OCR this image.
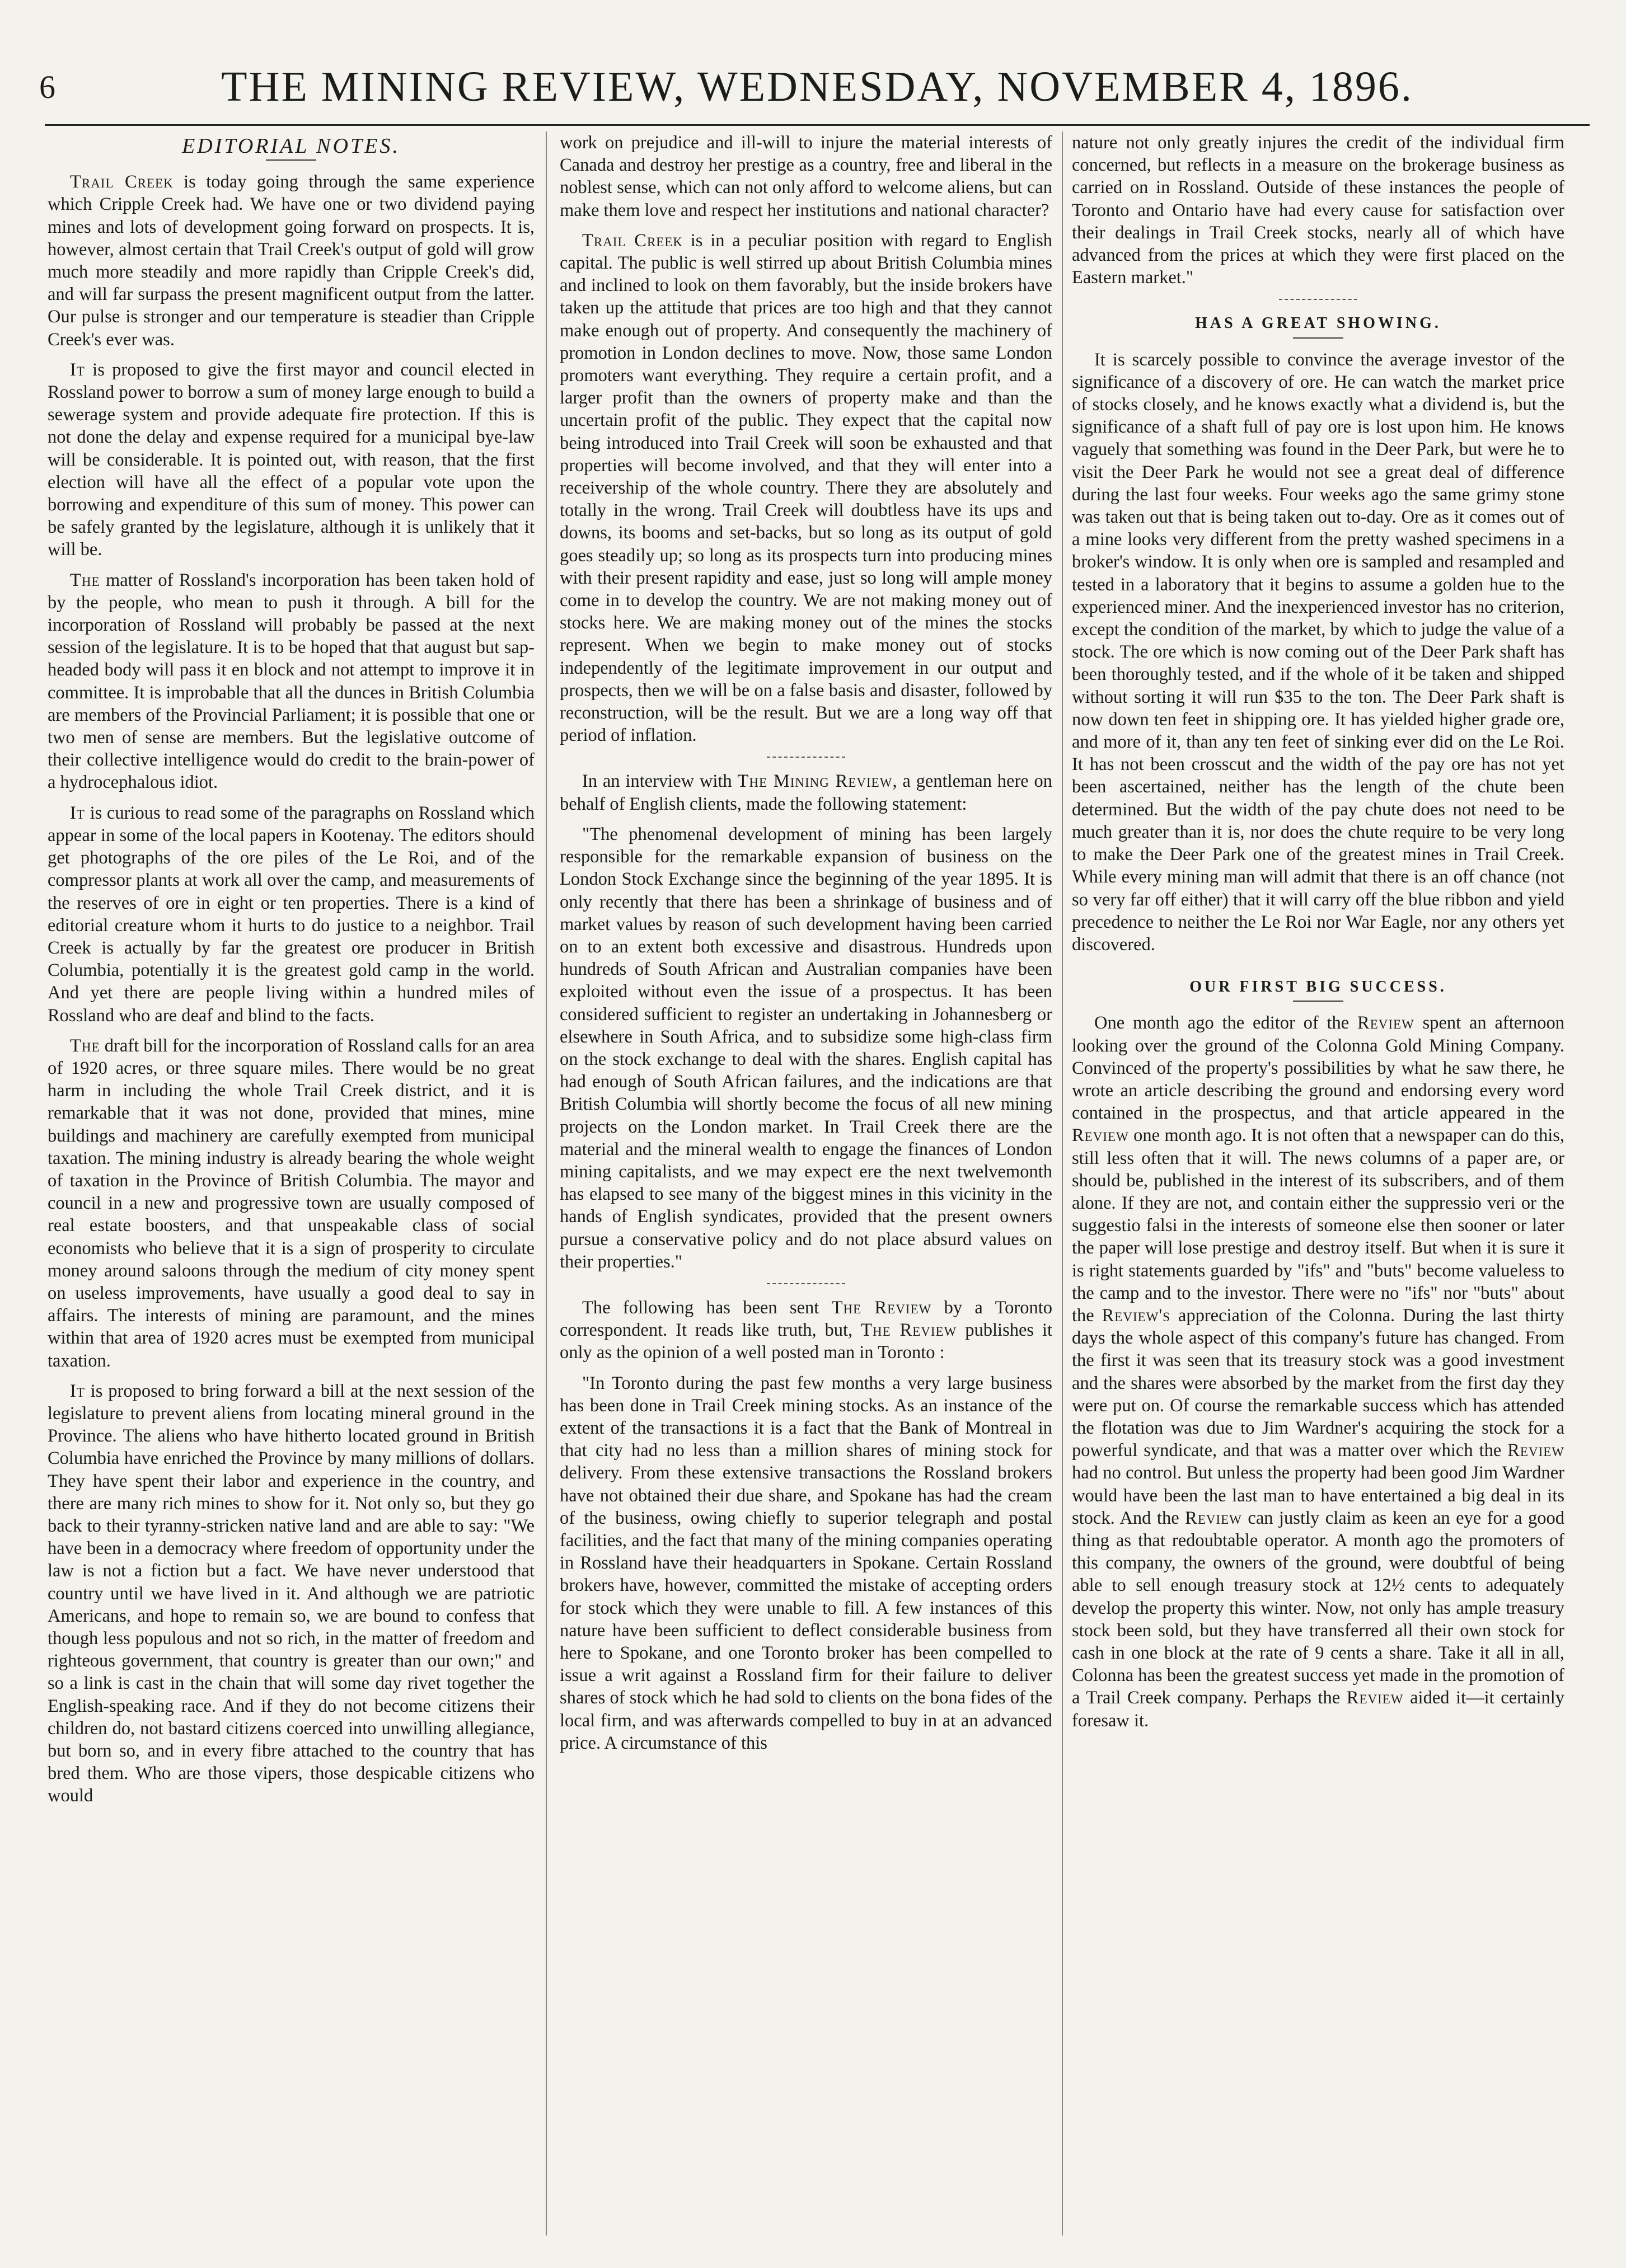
6	THE MINING REVIEW, WEDNESDAY, NOVEMBER 4, 1896.
EDITORIAL NOTES.

Trail Creek is today going through the same experience which Cripple Creek had. We have one or two dividend paying mines and lots of development going forward on prospects. It is, however, almost certain that Trail Creek's output of gold will grow much more steadily and more rapidly than Cripple Creek's did, and will far surpass the present magnificent output from the latter. Our pulse is stronger and our temperature is steadier than Cripple Creek's ever was.

It is proposed to give the first mayor and council elected in Rossland power to borrow a sum of money large enough to build a sewerage system and provide adequate fire protection. If this is not done the delay and expense required for a municipal bye-law will be considerable. It is pointed out, with reason, that the first election will have all the effect of a popular vote upon the borrowing and expenditure of this sum of money. This power can be safely granted by the legislature, although it is unlikely that it will be.

The matter of Rossland's incorporation has been taken hold of by the people, who mean to push it through. A bill for the incorporation of Rossland will probably be passed at the next session of the legislature. It is to be hoped that that august but sap-headed body will pass it en block and not attempt to improve it in committee. It is improbable that all the dunces in British Columbia are members of the Provincial Parliament; it is possible that one or two men of sense are members. But the legislative outcome of their collective intelligence would do credit to the brain-power of a hydrocephalous idiot.

It is curious to read some of the paragraphs on Rossland which appear in some of the local papers in Kootenay. The editors should get photographs of the ore piles of the Le Roi, and of the compressor plants at work all over the camp, and measurements of the reserves of ore in eight or ten properties. There is a kind of editorial creature whom it hurts to do justice to a neighbor. Trail Creek is actually by far the greatest ore producer in British Columbia, potentially it is the greatest gold camp in the world. And yet there are people living within a hundred miles of Rossland who are deaf and blind to the facts.

The draft bill for the incorporation of Rossland calls for an area of 1920 acres, or three square miles. There would be no great harm in including the whole Trail Creek district, and it is remarkable that it was not done, provided that mines, mine buildings and machinery are carefully exempted from municipal taxation. The mining industry is already bearing the whole weight of taxation in the Province of British Columbia. The mayor and council in a new and progressive town are usually composed of real estate boosters, and that unspeakable class of social economists who believe that it is a sign of prosperity to circulate money around saloons through the medium of city money spent on useless improvements, have usually a good deal to say in affairs. The interests of mining are paramount, and the mines within that area of 1920 acres must be exempted from municipal taxation.

It is proposed to bring forward a bill at the next session of the legislature to prevent aliens from locating mineral ground in the Province. The aliens who have hitherto located ground in British Columbia have enriched the Province by many millions of dollars. They have spent their labor and experience in the country, and there are many rich mines to show for it. Not only so, but they go back to their tyranny-stricken native land and are able to say: "We have been in a democracy where freedom of opportunity under the law is not a fiction but a fact. We have never understood that country until we have lived in it. And although we are patriotic Americans, and hope to remain so, we are bound to confess that though less populous and not so rich, in the matter of freedom and righteous government, that country is greater than our own;" and so a link is cast in the chain that will some day rivet together the English-speaking race. And if they do not become citizens their children do, not bastard citizens coerced into unwilling allegiance, but born so, and in every fibre attached to the country that has bred them. Who are those vipers, those despicable citizens who would

work on prejudice and ill-will to injure the material interests of Canada and destroy her prestige as a country, free and liberal in the noblest sense, which can not only afford to welcome aliens, but can make them love and respect her institutions and national character?

Trail Creek is in a peculiar position with regard to English capital. The public is well stirred up about British Columbia mines and inclined to look on them favorably, but the inside brokers have taken up the attitude that prices are too high and that they cannot make enough out of property. And consequently the machinery of promotion in London declines to move. Now, those same London promoters want everything. They require a certain profit, and a larger profit than the owners of property make and than the uncertain profit of the public. They expect that the capital now being introduced into Trail Creek will soon be exhausted and that properties will become involved, and that they will enter into a receivership of the whole country. There they are absolutely and totally in the wrong. Trail Creek will doubtless have its ups and downs, its booms and set-backs, but so long as its output of gold goes steadily up; so long as its prospects turn into producing mines with their present rapidity and ease, just so long will ample money come in to develop the country. We are not making money out of stocks here. We are making money out of the mines the stocks represent. When we begin to make money out of stocks independently of the legitimate improvement in our output and prospects, then we will be on a false basis and disaster, followed by reconstruction, will be the result. But we are a long way off that period of inflation.

In an interview with The Mining Review, a gentleman here on behalf of English clients, made the following statement:

"The phenomenal development of mining has been largely responsible for the remarkable expansion of business on the London Stock Exchange since the beginning of the year 1895. It is only recently that there has been a shrinkage of business and of market values by reason of such development having been carried on to an extent both excessive and disastrous. Hundreds upon hundreds of South African and Australian companies have been exploited without even the issue of a prospectus. It has been considered sufficient to register an undertaking in Johannesberg or elsewhere in South Africa, and to subsidize some high-class firm on the stock exchange to deal with the shares. English capital has had enough of South African failures, and the indications are that British Columbia will shortly become the focus of all new mining projects on the London market. In Trail Creek there are the material and the mineral wealth to engage the finances of London mining capitalists, and we may expect ere the next twelvemonth has elapsed to see many of the biggest mines in this vicinity in the hands of English syndicates, provided that the present owners pursue a conservative policy and do not place absurd values on their properties."

The following has been sent The Review by a Toronto correspondent. It reads like truth, but, The Review publishes it only as the opinion of a well posted man in Toronto :

"In Toronto during the past few months a very large business has been done in Trail Creek mining stocks. As an instance of the extent of the transactions it is a fact that the Bank of Montreal in that city had no less than a million shares of mining stock for delivery. From these extensive transactions the Rossland brokers have not obtained their due share, and Spokane has had the cream of the business, owing chiefly to superior telegraph and postal facilities, and the fact that many of the mining companies operating in Rossland have their headquarters in Spokane. Certain Rossland brokers have, however, committed the mistake of accepting orders for stock which they were unable to fill. A few instances of this nature have been sufficient to deflect considerable business from here to Spokane, and one Toronto broker has been compelled to issue a writ against a Rossland firm for their failure to deliver shares of stock which he had sold to clients on the bona fides of the local firm, and was afterwards compelled to buy in at an advanced price. A circumstance of this

nature not only greatly injures the credit of the individual firm concerned, but reflects in a measure on the brokerage business as carried on in Rossland. Outside of these instances the people of Toronto and Ontario have had every cause for satisfaction over their dealings in Trail Creek stocks, nearly all of which have advanced from the prices at which they were first placed on the Eastern market."

HAS A GREAT SHOWING.

It is scarcely possible to convince the average investor of the significance of a discovery of ore. He can watch the market price of stocks closely, and he knows exactly what a dividend is, but the significance of a shaft full of pay ore is lost upon him. He knows vaguely that something was found in the Deer Park, but were he to visit the Deer Park he would not see a great deal of difference during the last four weeks. Four weeks ago the same grimy stone was taken out that is being taken out to-day. Ore as it comes out of a mine looks very different from the pretty washed specimens in a broker's window. It is only when ore is sampled and resampled and tested in a laboratory that it begins to assume a golden hue to the experienced miner. And the inexperienced investor has no criterion, except the condition of the market, by which to judge the value of a stock. The ore which is now coming out of the Deer Park shaft has been thoroughly tested, and if the whole of it be taken and shipped without sorting it will run $35 to the ton. The Deer Park shaft is now down ten feet in shipping ore. It has yielded higher grade ore, and more of it, than any ten feet of sinking ever did on the Le Roi. It has not been crosscut and the width of the pay ore has not yet been ascertained, neither has the length of the chute been determined. But the width of the pay chute does not need to be much greater than it is, nor does the chute require to be very long to make the Deer Park one of the greatest mines in Trail Creek. While every mining man will admit that there is an off chance (not so very far off either) that it will carry off the blue ribbon and yield precedence to neither the Le Roi nor War Eagle, nor any others yet discovered.

OUR FIRST BIG SUCCESS.

One month ago the editor of the Review spent an afternoon looking over the ground of the Colonna Gold Mining Company. Convinced of the property's possibilities by what he saw there, he wrote an article describing the ground and endorsing every word contained in the prospectus, and that article appeared in the Review one month ago. It is not often that a newspaper can do this, still less often that it will. The news columns of a paper are, or should be, published in the interest of its subscribers, and of them alone. If they are not, and contain either the suppressio veri or the suggestio falsi in the interests of someone else then sooner or later the paper will lose prestige and destroy itself. But when it is sure it is right statements guarded by "ifs" and "buts" become valueless to the camp and to the investor. There were no "ifs" nor "buts" about the Review's appreciation of the Colonna. During the last thirty days the whole aspect of this company's future has changed. From the first it was seen that its treasury stock was a good investment and the shares were absorbed by the market from the first day they were put on. Of course the remarkable success which has attended the flotation was due to Jim Wardner's acquiring the stock for a powerful syndicate, and that was a matter over which the Review had no control. But unless the property had been good Jim Wardner would have been the last man to have entertained a big deal in its stock. And the Review can justly claim as keen an eye for a good thing as that redoubtable operator. A month ago the promoters of this company, the owners of the ground, were doubtful of being able to sell enough treasury stock at 12½ cents to adequately develop the property this winter. Now, not only has ample treasury stock been sold, but they have transferred all their own stock for cash in one block at the rate of 9 cents a share. Take it all in all, Colonna has been the greatest success yet made in the promotion of a Trail Creek company. Perhaps the Review aided it—it certainly foresaw it.
